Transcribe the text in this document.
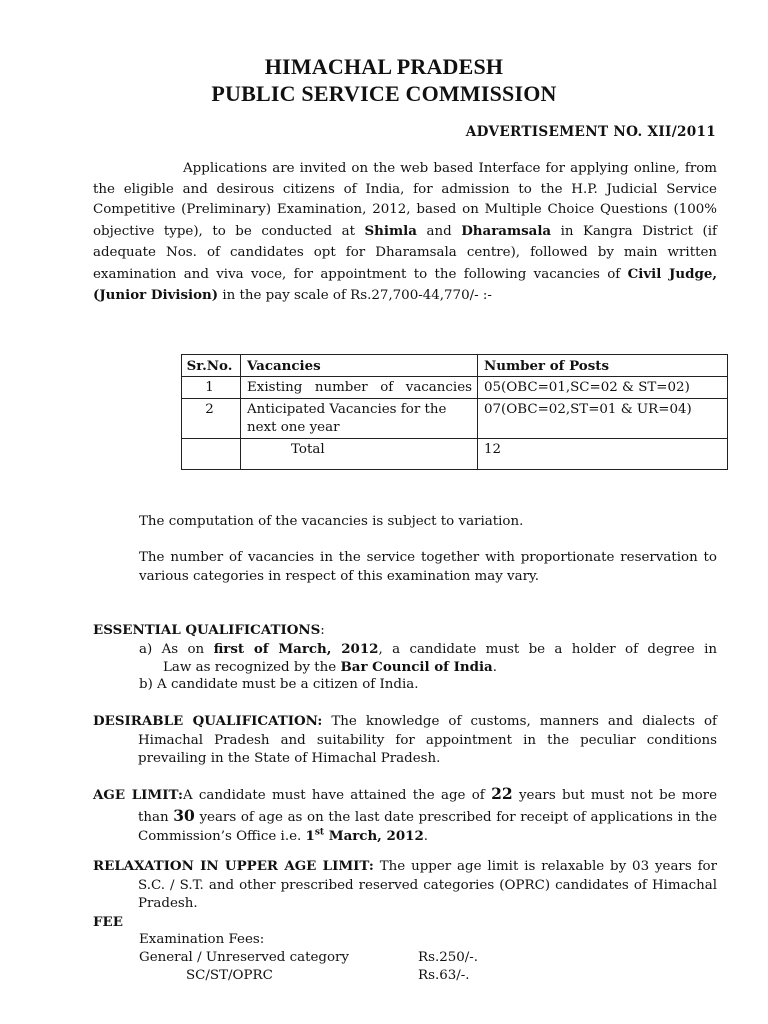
HIMACHAL PRADESH
PUBLIC SERVICE COMMISSION
ADVERTISEMENT NO. XII/2011
Applications are invited on the web based Interface for applying online, from the eligible and desirous citizens of India, for admission to the H.P. Judicial Service Competitive (Preliminary) Examination, 2012, based on Multiple Choice Questions (100% objective type), to be conducted at Shimla and Dharamsala in Kangra District (if adequate Nos. of candidates opt for Dharamsala centre), followed by main written examination and viva voce, for appointment to the following vacancies of Civil Judge, (Junior Division) in the pay scale of Rs.27,700-44,770/- :-
Sr.No.	Vacancies	Number of Posts
1	Existing number of vacancies	05(OBC=01,SC=02 & ST=02)
2	Anticipated Vacancies for the next one year	07(OBC=02,ST=01 & UR=04)
	Total	12
The computation of the vacancies is subject to variation.
The number of vacancies in the service together with proportionate reservation to various categories in respect of this examination may vary.
ESSENTIAL QUALIFICATIONS:
a) As on first of March, 2012, a candidate must be a holder of degree in
Law as recognized by the Bar Council of India.
b) A candidate must be a citizen of India.
DESIRABLE QUALIFICATION: The knowledge of customs, manners and dialects of Himachal Pradesh and suitability for appointment in the peculiar conditions prevailing in the State of Himachal Pradesh.
AGE LIMIT:A candidate must have attained the age of 22 years but must not be more than 30 years of age as on the last date prescribed for receipt of applications in the Commission’s Office i.e. 1st March, 2012.
RELAXATION IN UPPER AGE LIMIT: The upper age limit is relaxable by 03 years for S.C. / S.T. and other prescribed reserved categories (OPRC) candidates of Himachal Pradesh.
FEE
Examination Fees:
General / Unreserved category	Rs.250/-.
SC/ST/OPRC	Rs.63/-.
